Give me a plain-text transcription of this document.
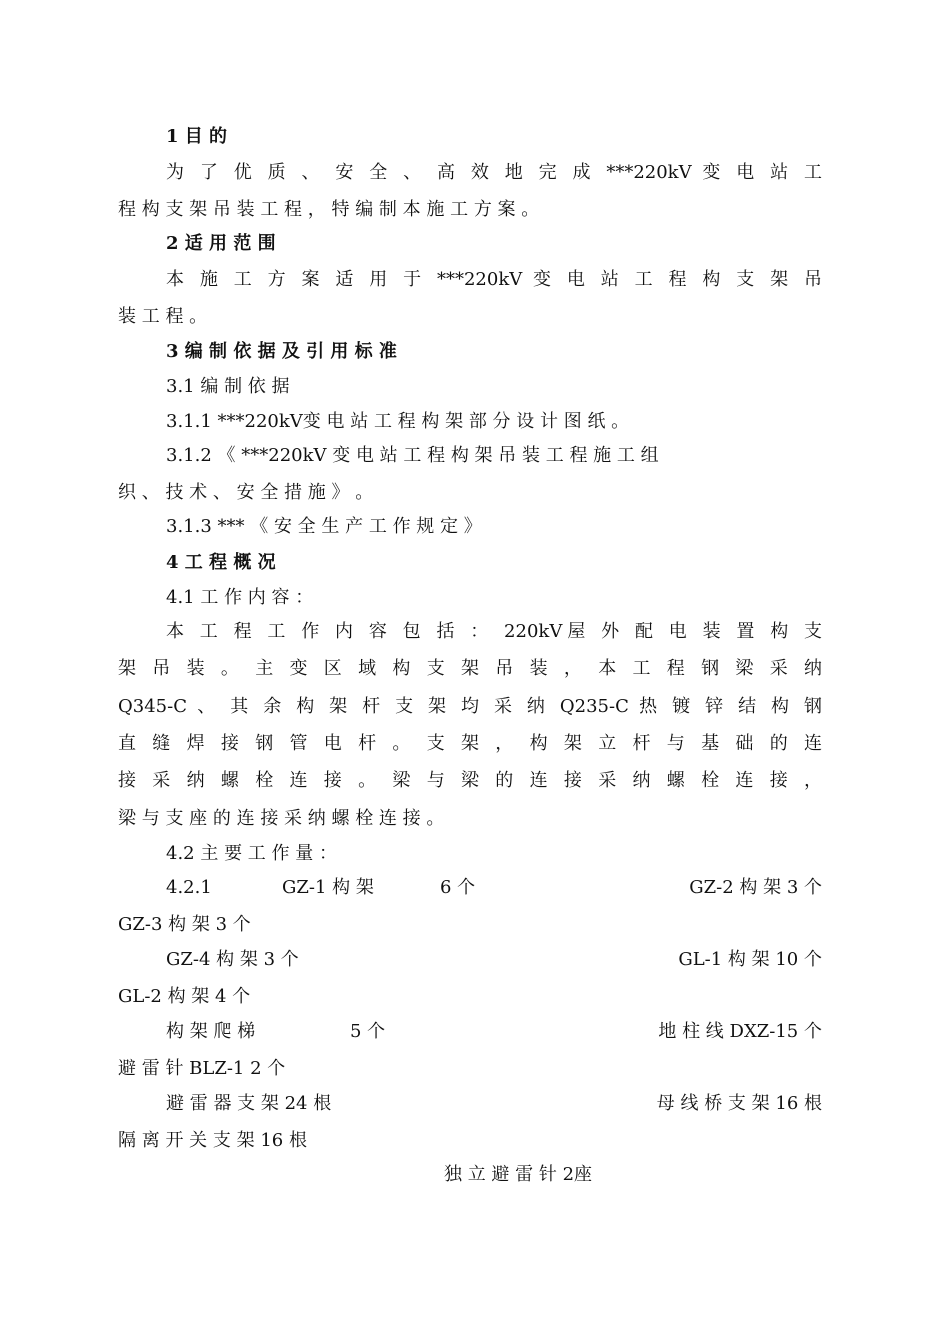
1 目 的
为 了 优 质 、 安 全 、 高 效 地 完 成 ***220kV 变 电 站 工
程 构 支 架 吊 装 工 程 ， 特 编 制 本 施 工 方 案 。
2 适 用 范 围
本 施 工 方 案 适 用 于 ***220kV 变 电 站 工 程 构 支 架 吊
装 工 程 。
3 编 制 依 据 及 引 用 标 准
3.1 编 制 依 据
3.1.1 ***220kV变 电 站 工 程 构 架 部 分 设 计 图 纸 。
3.1.2 《 ***220kV 变 电 站 工 程 构 架 吊 装 工 程 施 工 组
织 、 技 术 、 安 全 措 施 》 。
3.1.3 *** 《 安 全 生 产 工 作 规 定 》
4 工 程 概 况
4.1 工 作 内 容 ：
本 工 程 工 作 内 容 包 括 ： 220kV屋 外 配 电 装 置 构 支
架 吊 装 。 主 变 区 域 构 支 架 吊 装 ， 本 工 程 钢 梁 采 纳
Q345-C 、 其 余 构 架 杆 支 架 均 采 纳 Q235-C 热 镀 锌 结 构 钢
直 缝 焊 接 钢 管 电 杆 。 支 架 ， 构 架 立 杆 与 基 础 的 连
接 采 纳 螺 栓 连 接 。 梁 与 梁 的 连 接 采 纳 螺 栓 连 接 ，
梁 与 支 座 的 连 接 采 纳 螺 栓 连 接 。
4.2 主 要 工 作 量 ：
4.2.1	GZ-1 构 架	6 个	GZ-2 构 架 3 个
GZ-3 构 架 3 个
GZ-4 构 架 3 个	GL-1 构 架 10 个
GL-2 构 架 4 个
构 架 爬 梯	5 个	地 柱 线 DXZ-15 个
避 雷 针 BLZ-1 2 个
避 雷 器 支 架 24 根	母 线 桥 支 架 16 根
隔 离 开 关 支 架 16 根
独 立 避 雷 针 2座
